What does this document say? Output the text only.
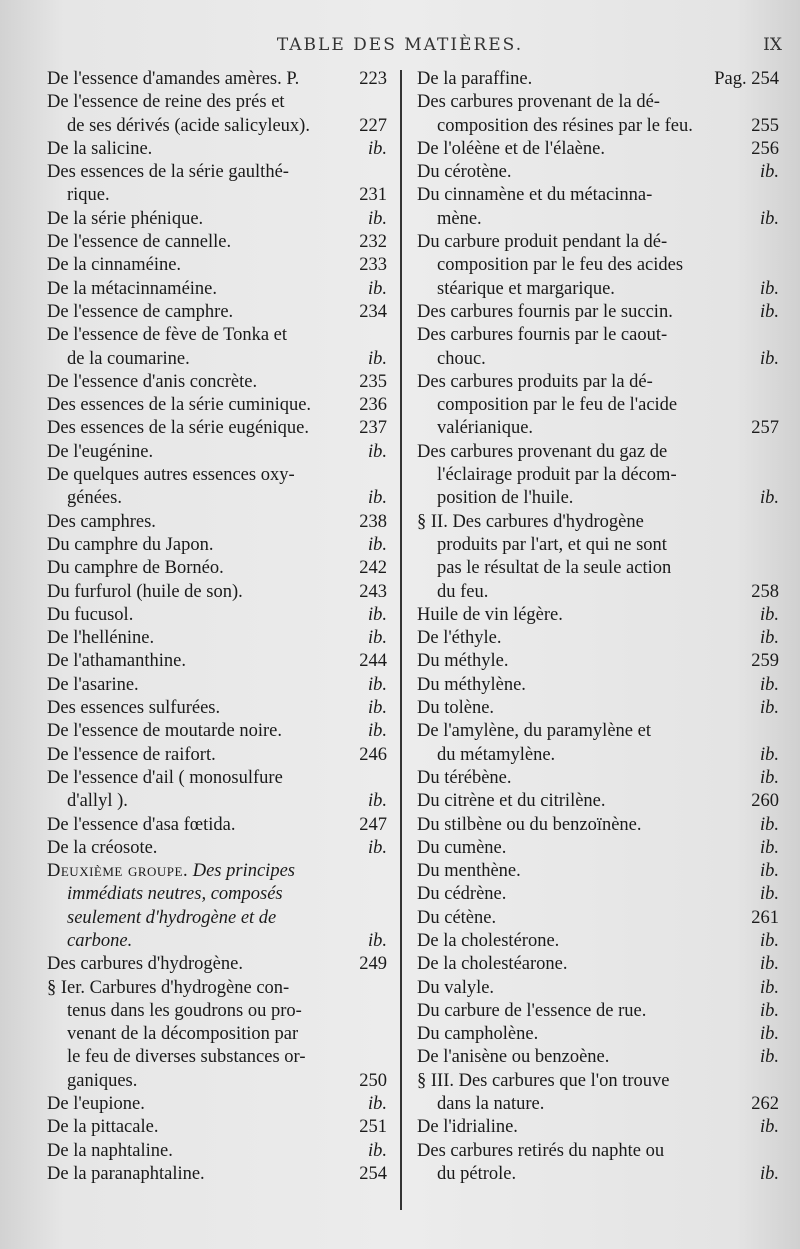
TABLE DES MATIÈRES.	IX
De l'essence d'amandes amères. P.	223
De l'essence de reine des prés et
de ses dérivés (acide salicyleux).	227
De la salicine.	ib.
Des essences de la série gaulthé-
rique.	231
De la série phénique.	ib.
De l'essence de cannelle.	232
De la cinnaméine.	233
De la métacinnaméine.	ib.
De l'essence de camphre.	234
De l'essence de fève de Tonka et
de la coumarine.	ib.
De l'essence d'anis concrète.	235
Des essences de la série cuminique.	236
Des essences de la série eugénique.	237
De l'eugénine.	ib.
De quelques autres essences oxy-
génées.	ib.
Des camphres.	238
Du camphre du Japon.	ib.
Du camphre de Bornéo.	242
Du furfurol (huile de son).	243
Du fucusol.	ib.
De l'hellénine.	ib.
De l'athamanthine.	244
De l'asarine.	ib.
Des essences sulfurées.	ib.
De l'essence de moutarde noire.	ib.
De l'essence de raifort.	246
De l'essence d'ail ( monosulfure
d'allyl ).	ib.
De l'essence d'asa fœtida.	247
De la créosote.	ib.
Deuxième groupe. Des principes
immédiats neutres, composés
seulement d'hydrogène et de
carbone.	ib.
Des carbures d'hydrogène.	249
§ Ier. Carbures d'hydrogène con-
tenus dans les goudrons ou pro-
venant de la décomposition par
le feu de diverses substances or-
ganiques.	250
De l'eupione.	ib.
De la pittacale.	251
De la naphtaline.	ib.
De la paranaphtaline.	254
De la paraffine.	Pag. 254
Des carbures provenant de la dé-
composition des résines par le feu.	255
De l'oléène et de l'élaène.	256
Du cérotène.	ib.
Du cinnamène et du métacinna-
mène.	ib.
Du carbure produit pendant la dé-
composition par le feu des acides
stéarique et margarique.	ib.
Des carbures fournis par le succin.	ib.
Des carbures fournis par le caout-
chouc.	ib.
Des carbures produits par la dé-
composition par le feu de l'acide
valérianique.	257
Des carbures provenant du gaz de
l'éclairage produit par la décom-
position de l'huile.	ib.
§ II. Des carbures d'hydrogène
produits par l'art, et qui ne sont
pas le résultat de la seule action
du feu.	258
Huile de vin légère.	ib.
De l'éthyle.	ib.
Du méthyle.	259
Du méthylène.	ib.
Du tolène.	ib.
De l'amylène, du paramylène et
du métamylène.	ib.
Du térébène.	ib.
Du citrène et du citrilène.	260
Du stilbène ou du benzoïnène.	ib.
Du cumène.	ib.
Du menthène.	ib.
Du cédrène.	ib.
Du cétène.	261
De la cholestérone.	ib.
De la cholestéarone.	ib.
Du valyle.	ib.
Du carbure de l'essence de rue.	ib.
Du campholène.	ib.
De l'anisène ou benzoène.	ib.
§ III. Des carbures que l'on trouve
dans la nature.	262
De l'idrialine.	ib.
Des carbures retirés du naphte ou
du pétrole.	ib.
